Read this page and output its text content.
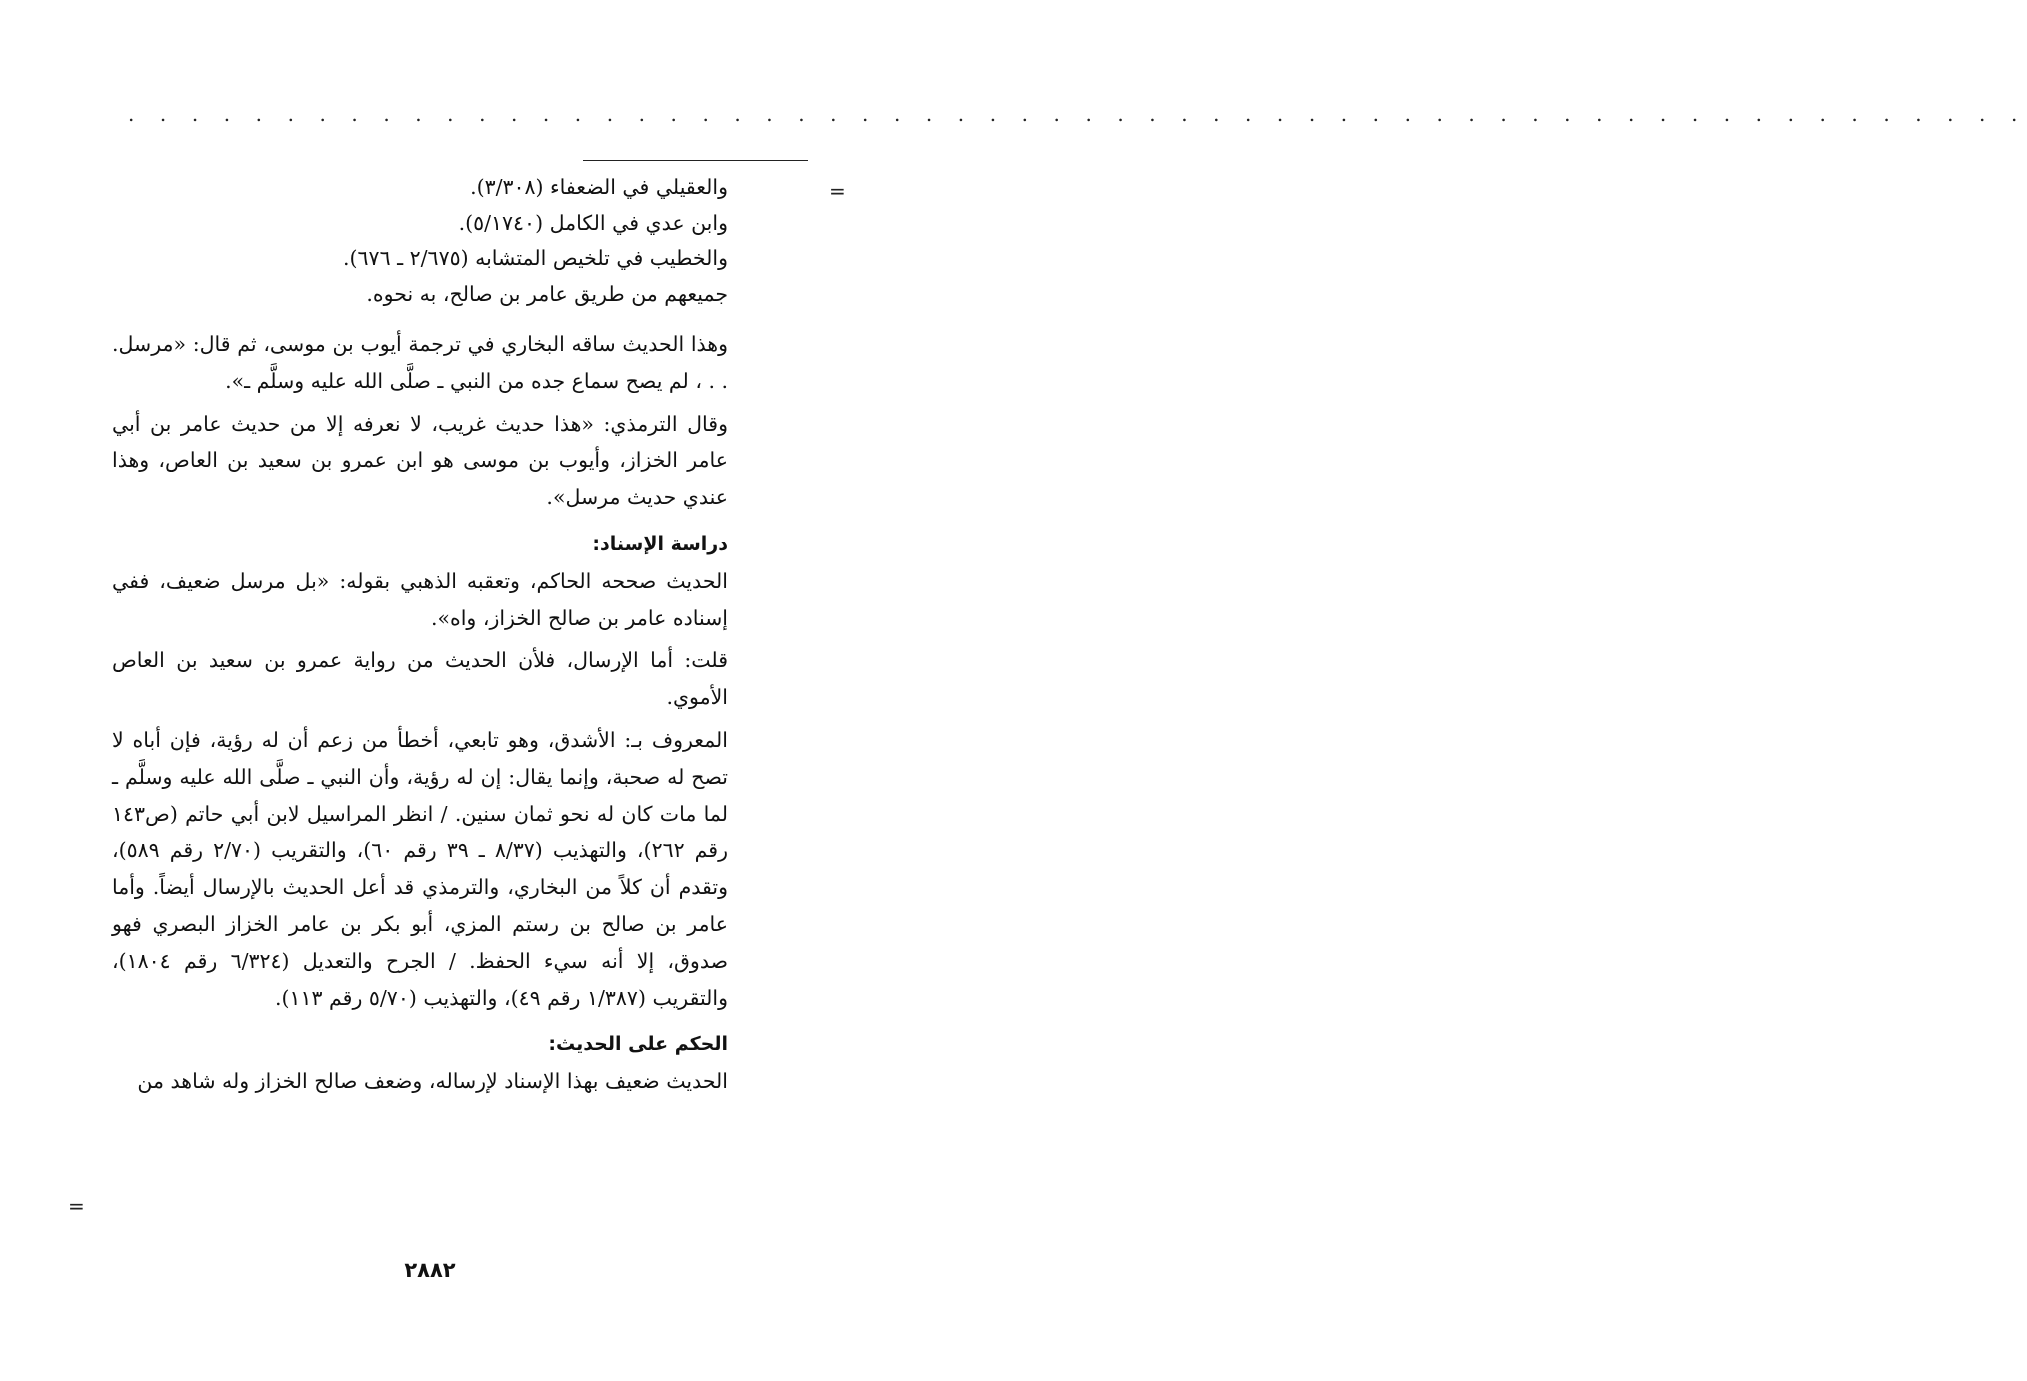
. . . . . . . . . . . . . . . . . . . . . . . . . . . . . . . . . . . . . . . . . . . . . . . . . . . . . . . . . . . .
=
=

والعقيلي في الضعفاء (٣/٣٠٨).

وابن عدي في الكامل (٥/١٧٤٠).

والخطيب في تلخيص المتشابه (٢/٦٧٥ ـ ٦٧٦).

جميعهم من طريق عامر بن صالح، به نحوه.

وهذا الحديث ساقه البخاري في ترجمة أيوب بن موسى، ثم قال: «مرسل. . . ، لم يصح سماع جده من النبي ـ صلَّى الله عليه وسلَّم ـ».

وقال الترمذي: «هذا حديث غريب، لا نعرفه إلا من حديث عامر بن أبي عامر الخزاز، وأيوب بن موسى هو ابن عمرو بن سعيد بن العاص، وهذا عندي حديث مرسل».

دراسة الإسناد:

الحديث صححه الحاكم، وتعقبه الذهبي بقوله: «بل مرسل ضعيف، ففي إسناده عامر بن صالح الخزاز، واه».

قلت: أما الإرسال، فلأن الحديث من رواية عمرو بن سعيد بن العاص الأموي.

المعروف بـ: الأشدق، وهو تابعي، أخطأ من زعم أن له رؤية، فإن أباه لا تصح له صحبة، وإنما يقال: إن له رؤية، وأن النبي ـ صلَّى الله عليه وسلَّم ـ لما مات كان له نحو ثمان سنين. / انظر المراسيل لابن أبي حاتم (ص١٤٣ رقم ٢٦٢)، والتهذيب (٨/٣٧ ـ ٣٩ رقم ٦٠)، والتقريب (٢/٧٠ رقم ٥٨٩)، وتقدم أن كلاً من البخاري، والترمذي قد أعل الحديث بالإرسال أيضاً. وأما عامر بن صالح بن رستم المزي، أبو بكر بن عامر الخزاز البصري فهو صدوق، إلا أنه سيء الحفظ. / الجرح والتعديل (٦/٣٢٤ رقم ١٨٠٤)، والتقريب (١/٣٨٧ رقم ٤٩)، والتهذيب (٥/٧٠ رقم ١١٣).

الحكم على الحديث:

الحديث ضعيف بهذا الإسناد لإرساله، وضعف صالح الخزاز وله شاهد من

٢٨٨٢
